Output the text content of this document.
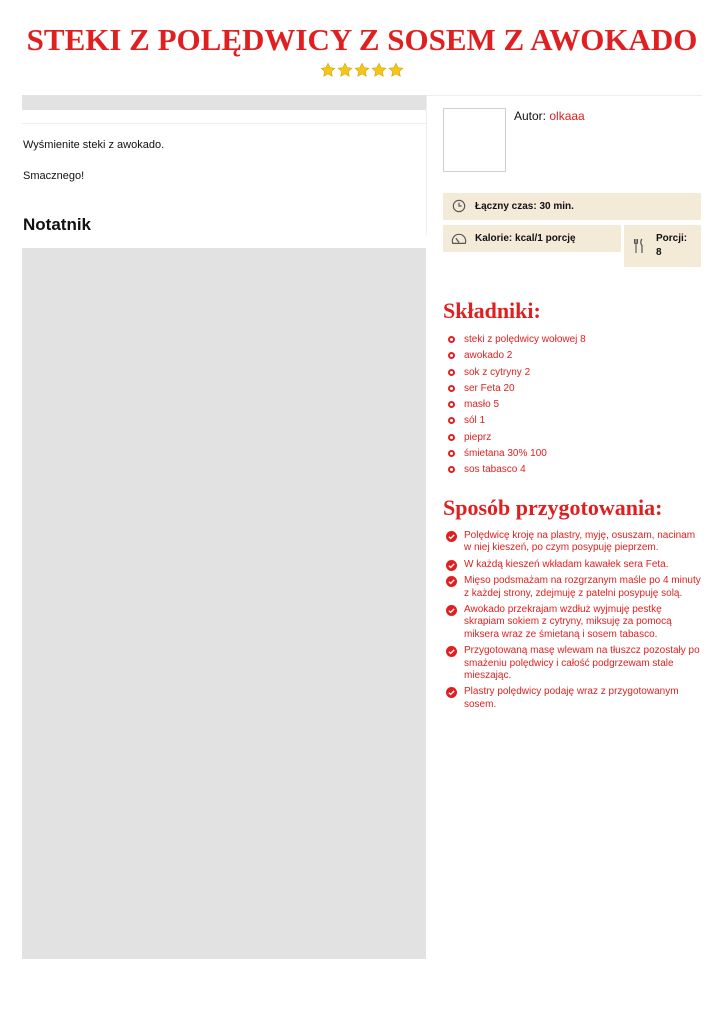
STEKI Z POLĘDWICY Z SOSEM Z AWOKADO

Wyśmienite steki z awokado.

Smacznego!

Notatnik
Autor: olkaaa
Łączny czas: 30 min.
Kalorie: kcal/1 porcję	Porcji:
8
Składniki:
steki z polędwicy wołowej 8
awokado 2
sok z cytryny 2
ser Feta 20
masło 5
sól 1
pieprz
śmietana 30% 100
sos tabasco 4
Sposób przygotowania:
Polędwicę kroję na plastry, myję, osuszam, nacinam w niej kieszeń, po czym posypuję pieprzem.
W każdą kieszeń wkładam kawałek sera Feta.
Mięso podsmażam na rozgrzanym maśle po 4 minuty z każdej strony, zdejmuję z patelni posypuję solą.
Awokado przekrajam wzdłuż wyjmuję pestkę skrapiam sokiem z cytryny, miksuję za pomocą miksera wraz ze śmietaną i sosem tabasco.
Przygotowaną masę wlewam na tłuszcz pozostały po smażeniu polędwicy i całość podgrzewam stale mieszając.
Plastry polędwicy podaję wraz z przygotowanym sosem.
